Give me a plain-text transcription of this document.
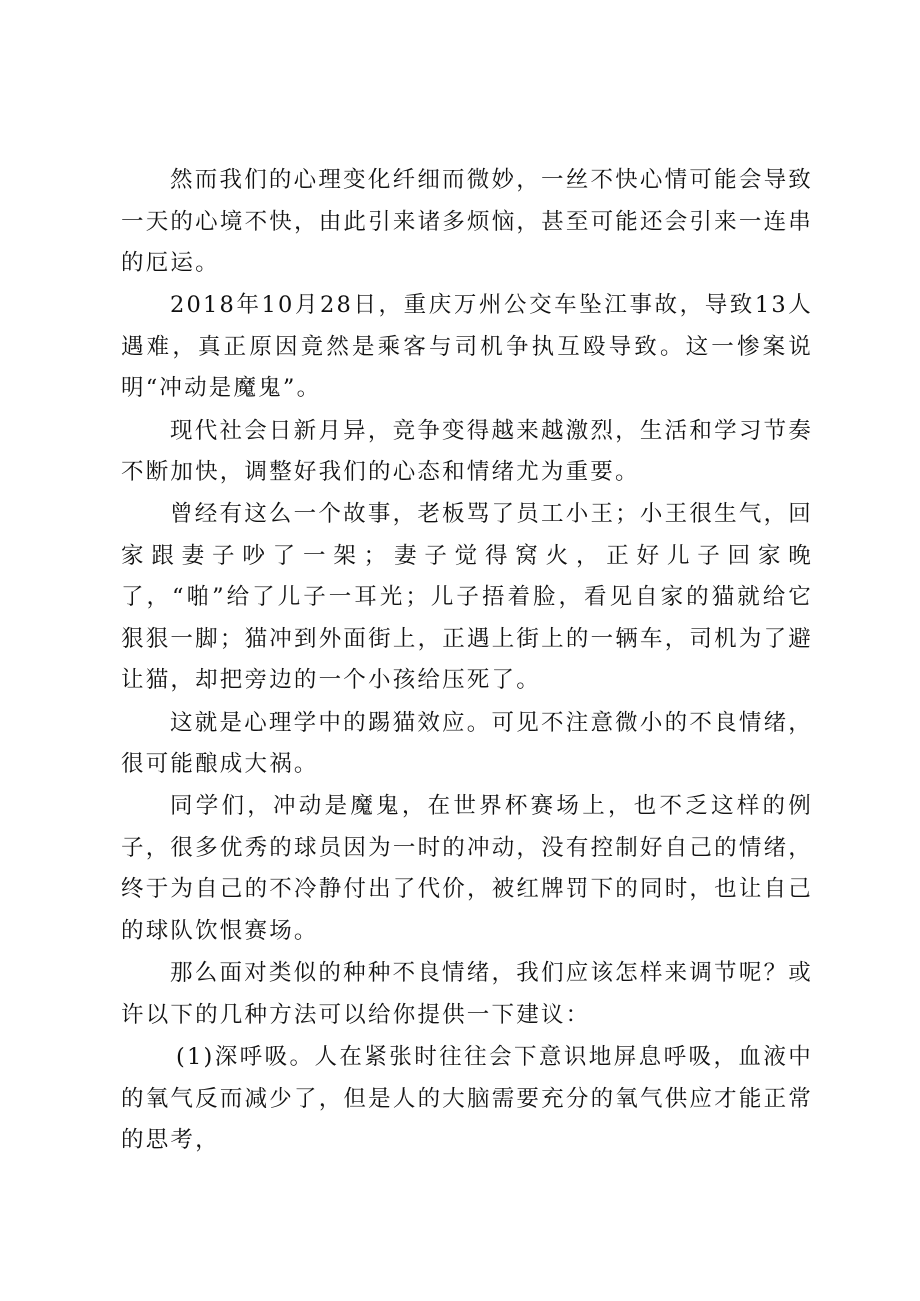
然而我们的心理变化纤细而微妙，一丝不快心情可能会导致一天的心境不快，由此引来诸多烦恼，甚至可能还会引来一连串的厄运。

2018年10月28日，重庆万州公交车坠江事故，导致13人遇难，真正原因竟然是乘客与司机争执互殴导致。这一惨案说明“冲动是魔鬼”。

现代社会日新月异，竞争变得越来越激烈，生活和学习节奏不断加快，调整好我们的心态和情绪尤为重要。

曾经有这么一个故事，老板骂了员工小王；小王很生气，回家跟妻子吵了一架；妻子觉得窝火，正好儿子回家晚了，“啪”给了儿子一耳光；儿子捂着脸，看见自家的猫就给它狠狠一脚；猫冲到外面街上，正遇上街上的一辆车，司机为了避让猫，却把旁边的一个小孩给压死了。

这就是心理学中的踢猫效应。可见不注意微小的不良情绪，很可能酿成大祸。

同学们，冲动是魔鬼，在世界杯赛场上，也不乏这样的例子，很多优秀的球员因为一时的冲动，没有控制好自己的情绪，终于为自己的不冷静付出了代价，被红牌罚下的同时，也让自己的球队饮恨赛场。

那么面对类似的种种不良情绪，我们应该怎样来调节呢？或许以下的几种方法可以给你提供一下建议：

(1)深呼吸。人在紧张时往往会下意识地屏息呼吸，血液中的氧气反而减少了，但是人的大脑需要充分的氧气供应才能正常的思考，
